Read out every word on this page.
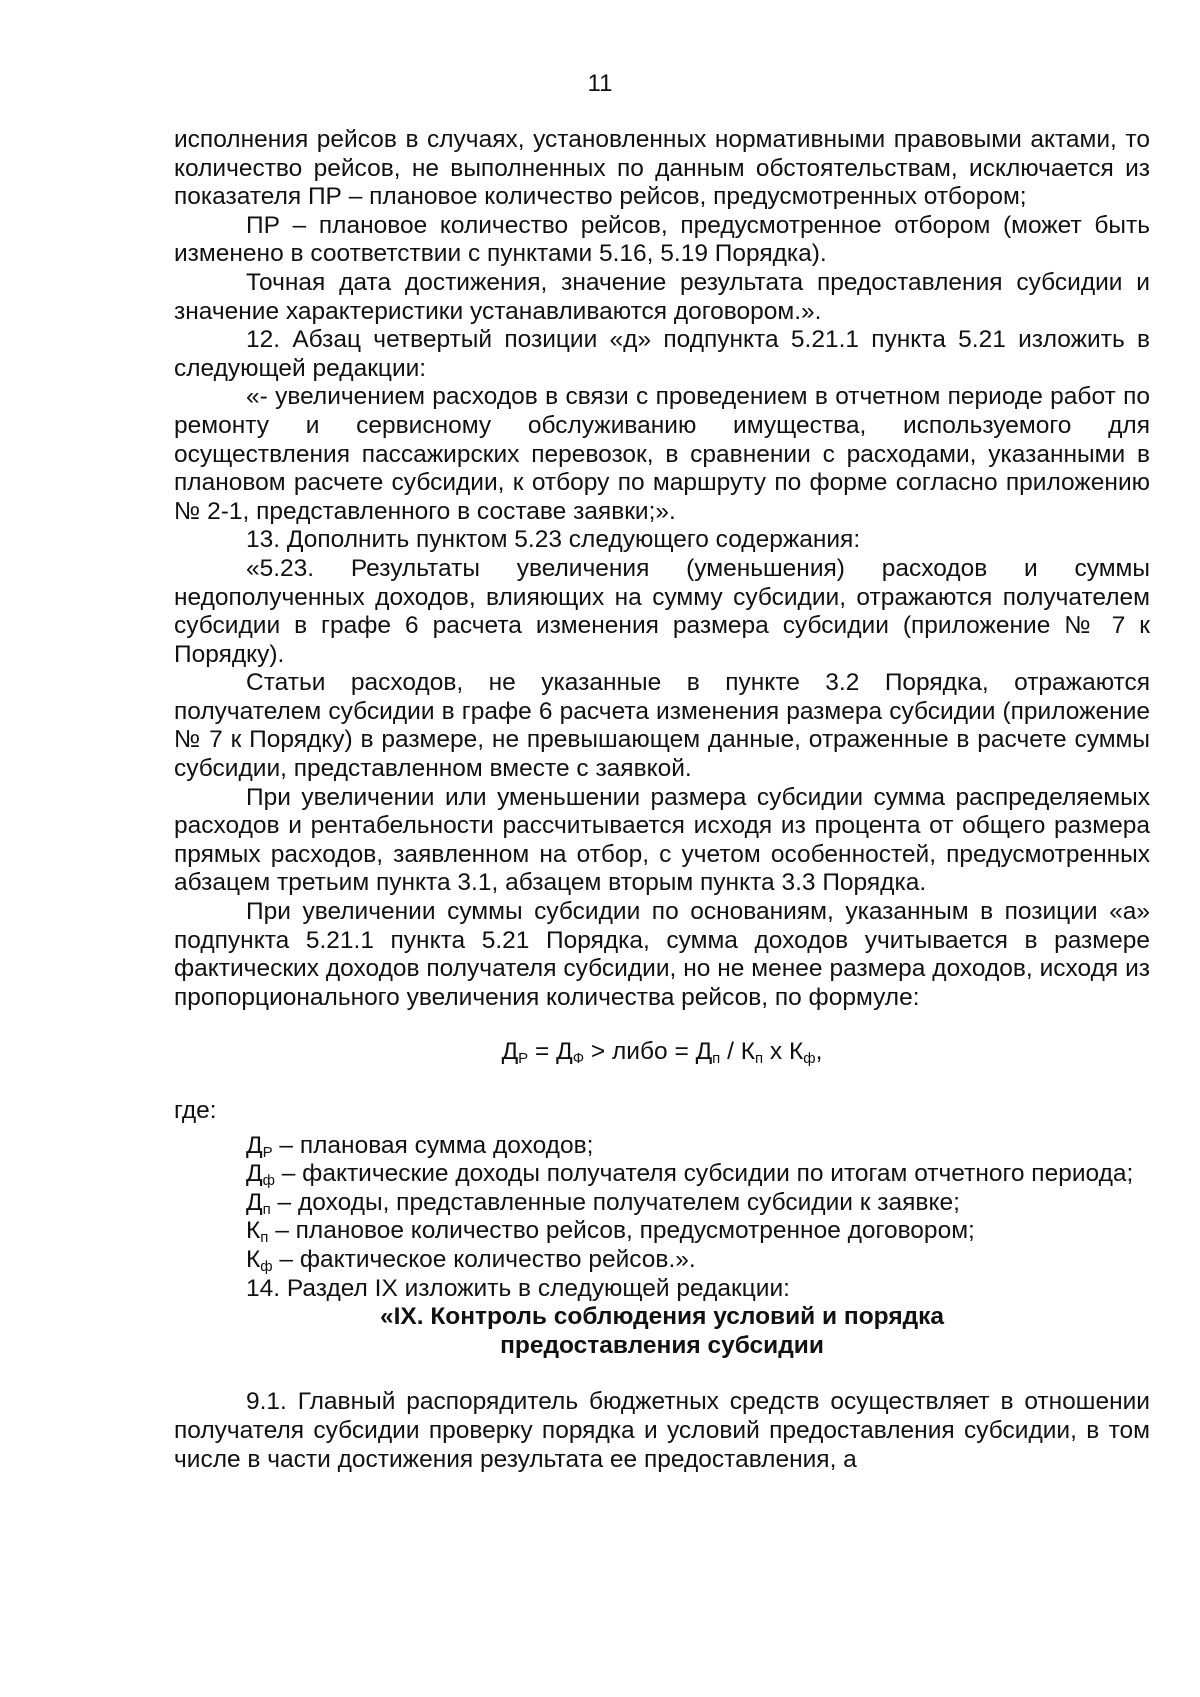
11

исполнения рейсов в случаях, установленных нормативными правовыми актами, то количество рейсов, не выполненных по данным обстоятельствам, исключается из показателя ПР – плановое количество рейсов, предусмотренных отбором;

ПР – плановое количество рейсов, предусмотренное отбором (может быть изменено в соответствии с пунктами 5.16, 5.19 Порядка).

Точная дата достижения, значение результата предоставления субсидии и значение характеристики устанавливаются договором.».

12. Абзац четвертый позиции «д» подпункта 5.21.1 пункта 5.21 изложить в следующей редакции:

«- увеличением расходов в связи с проведением в отчетном периоде работ по ремонту и сервисному обслуживанию имущества, используемого для осуществления пассажирских перевозок, в сравнении с расходами, указанными в плановом расчете субсидии, к отбору по маршруту по форме согласно приложению № 2-1, представленного в составе заявки;».

13. Дополнить пунктом 5.23 следующего содержания:

«5.23. Результаты увеличения (уменьшения) расходов и суммы недополученных доходов, влияющих на сумму субсидии, отражаются получателем субсидии в графе 6 расчета изменения размера субсидии (приложение № 7 к Порядку).

Статьи расходов, не указанные в пункте 3.2 Порядка, отражаются получателем субсидии в графе 6 расчета изменения размера субсидии (приложение № 7 к Порядку) в размере, не превышающем данные, отраженные в расчете суммы субсидии, представленном вместе с заявкой.

При увеличении или уменьшении размера субсидии сумма распределяемых расходов и рентабельности рассчитывается исходя из процента от общего размера прямых расходов, заявленном на отбор, с учетом особенностей, предусмотренных абзацем третьим пункта 3.1, абзацем вторым пункта 3.3 Порядка.

При увеличении суммы субсидии по основаниям, указанным в позиции «а» подпункта 5.21.1 пункта 5.21 Порядка, сумма доходов учитывается в размере фактических доходов получателя субсидии, но не менее размера доходов, исходя из пропорционального увеличения количества рейсов, по формуле:

$Д_Р = Д_Ф$ > либо = $Д_п / К_п$ х $К_ф$,

где:

$Д_Р$ – плановая сумма доходов;

$Д_ф$ – фактические доходы получателя субсидии по итогам отчетного периода;

$Д_п$ – доходы, представленные получателем субсидии к заявке;

$К_п$ – плановое количество рейсов, предусмотренное договором;

$К_ф$ – фактическое количество рейсов.».

14. Раздел IX изложить в следующей редакции:

«IX. Контроль соблюдения условий и порядка

предоставления субсидии

9.1. Главный распорядитель бюджетных средств осуществляет в отношении получателя субсидии проверку порядка и условий предоставления субсидии, в том числе в части достижения результата ее предоставления, а
